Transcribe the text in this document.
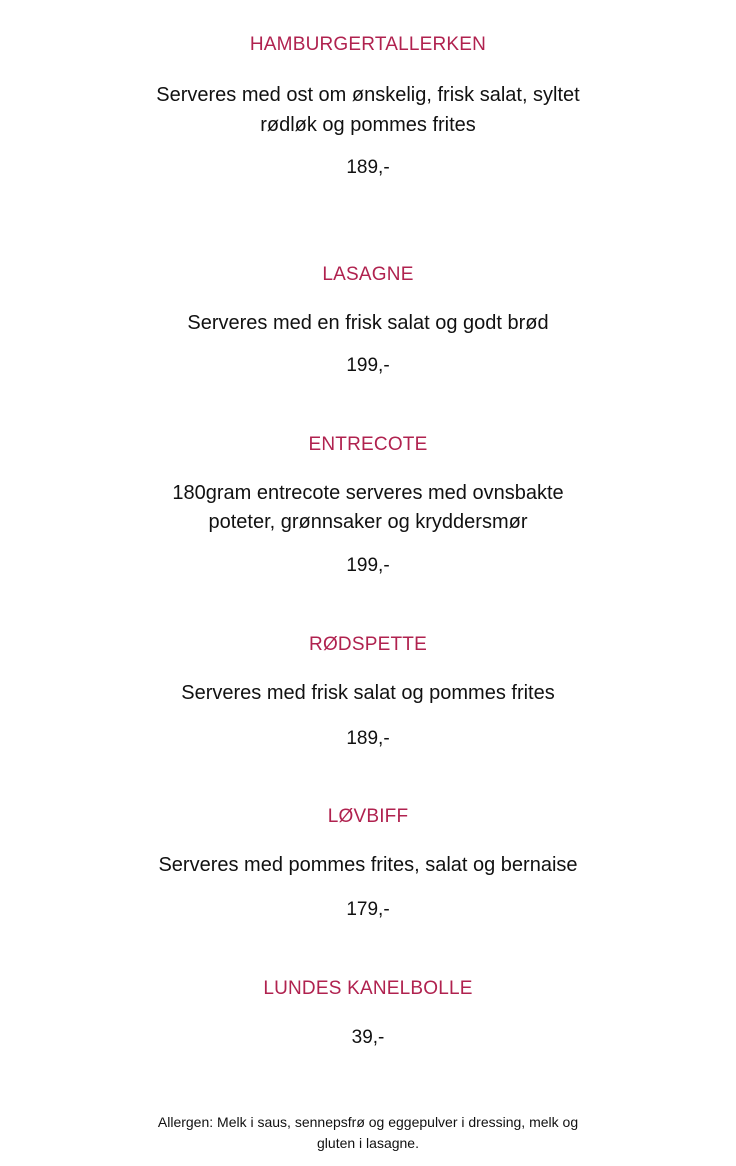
HAMBURGERTALLERKEN

Serveres med ost om ønskelig, frisk salat, syltet

rødløk og pommes frites

189,-

LASAGNE

Serveres med en frisk salat og godt brød

199,-

ENTRECOTE

180gram entrecote serveres med ovnsbakte

poteter, grønnsaker og kryddersmør

199,-

RØDSPETTE

Serveres med frisk salat og pommes frites

189,-

LØVBIFF

Serveres med pommes frites, salat og bernaise

179,-

LUNDES KANELBOLLE

39,-

Allergen: Melk i saus, sennepsfrø og eggepulver i dressing, melk og

gluten i lasagne.
